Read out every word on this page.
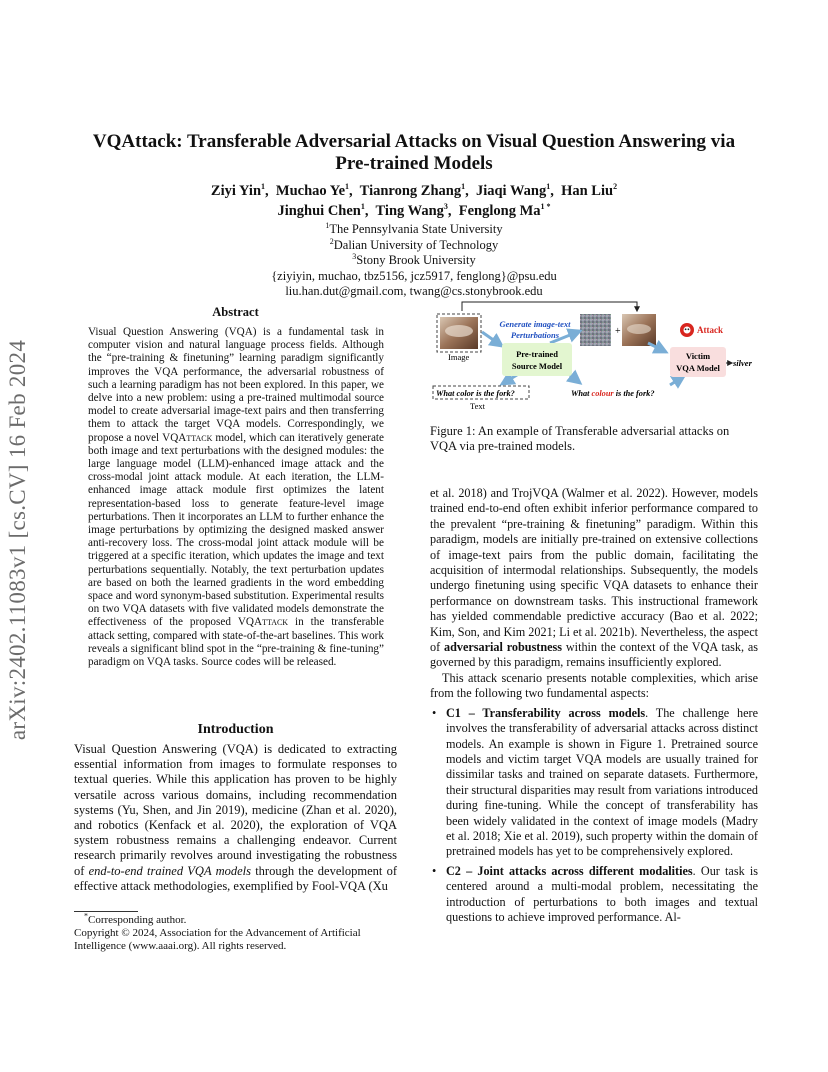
arXiv:2402.11083v1 [cs.CV] 16 Feb 2024
VQAttack: Transferable Adversarial Attacks on Visual Question Answering via
Pre-trained Models
Ziyi Yin$^1$,  Muchao Ye$^1$,  Tianrong Zhang$^1$,  Jiaqi Wang$^1$,  Han Liu$^2$
Jinghui Chen$^1$,  Ting Wang$^3$,  Fenglong $Ma^{1 *}$
$^1$The Pennsylvania State University
$^2$Dalian University of Technology
$^3$Stony Brook University
{ziyiyin, muchao, tbz5156, jcz5917, fenglong}@psu.edu
liu.han.dut@gmail.com, twang@cs.stonybrook.edu
Abstract

Visual Question Answering (VQA) is a fundamental task in computer vision and natural language process fields. Although the “pre-training & finetuning” learning paradigm significantly improves the VQA performance, the adversarial robustness of such a learning paradigm has not been explored. In this paper, we delve into a new problem: using a pre-trained multimodal source model to create adversarial image-text pairs and then transferring them to attack the target VQA models. Correspondingly, we propose a novel VQAttack model, which can iteratively generate both image and text perturbations with the designed modules: the large language model (LLM)-enhanced image attack and the cross-modal joint attack module. At each iteration, the LLM-enhanced image attack module first optimizes the latent representation-based loss to generate feature-level image perturbations. Then it incorporates an LLM to further enhance the image perturbations by optimizing the designed masked answer anti-recovery loss. The cross-modal joint attack module will be triggered at a specific iteration, which updates the image and text perturbations sequentially. Notably, the text perturbation updates are based on both the learned gradients in the word embedding space and word synonym-based substitution. Experimental results on two VQA datasets with five validated models demonstrate the effectiveness of the proposed VQAttack in the transferable attack setting, compared with state-of-the-art baselines. This work reveals a significant blind spot in the “pre-training & fine-tuning” paradigm on VQA tasks. Source codes will be released.

Introduction

Visual Question Answering (VQA) is dedicated to extracting essential information from images to formulate responses to textual queries. While this application has proven to be highly versatile across various domains, including recommendation systems (Yu, Shen, and Jin 2019), medicine (Zhan et al. 2020), and robotics (Kenfack et al. 2020), the exploration of VQA system robustness remains a challenging endeavor. Current research primarily revolves around investigating the robustness of end-to-end trained VQA models through the development of effective attack methodologies, exemplified by Fool-VQA (Xu

*Corresponding author.
Copyright © 2024, Association for the Advancement of Artificial Intelligence (www.aaai.org). All rights reserved.
Image
Generate image-text
Perturbations	+
Pre-trained
Source Model
Attack
Victim
VQA Model silver
What color is the fork?
Text
What colour is the fork?
Figure 1: An example of Transferable adversarial attacks on VQA via pre-trained models.

et al. 2018) and TrojVQA (Walmer et al. 2022). However, models trained end-to-end often exhibit inferior performance compared to the prevalent “pre-training & finetuning” paradigm. Within this paradigm, models are initially pre-trained on extensive collections of image-text pairs from the public domain, facilitating the acquisition of intermodal relationships. Subsequently, the models undergo finetuning using specific VQA datasets to enhance their performance on downstream tasks. This instructional framework has yielded commendable predictive accuracy (Bao et al. 2022; Kim, Son, and Kim 2021; Li et al. 2021b). Nevertheless, the aspect of adversarial robustness within the context of the VQA task, as governed by this paradigm, remains insufficiently explored.

This attack scenario presents notable complexities, which arise from the following two fundamental aspects:

• C1 – Transferability across models. The challenge here involves the transferability of adversarial attacks across distinct models. An example is shown in Figure 1. Pretrained source models and victim target VQA models are usually trained for dissimilar tasks and trained on separate datasets. Furthermore, their structural disparities may result from variations introduced during fine-tuning. While the concept of transferability has been widely validated in the context of image models (Madry et al. 2018; Xie et al. 2019), such property within the domain of pretrained models has yet to be comprehensively explored.
• C2 – Joint attacks across different modalities. Our task is centered around a multi-modal problem, necessitating the introduction of perturbations to both images and textual questions to achieve improved performance. Al-
